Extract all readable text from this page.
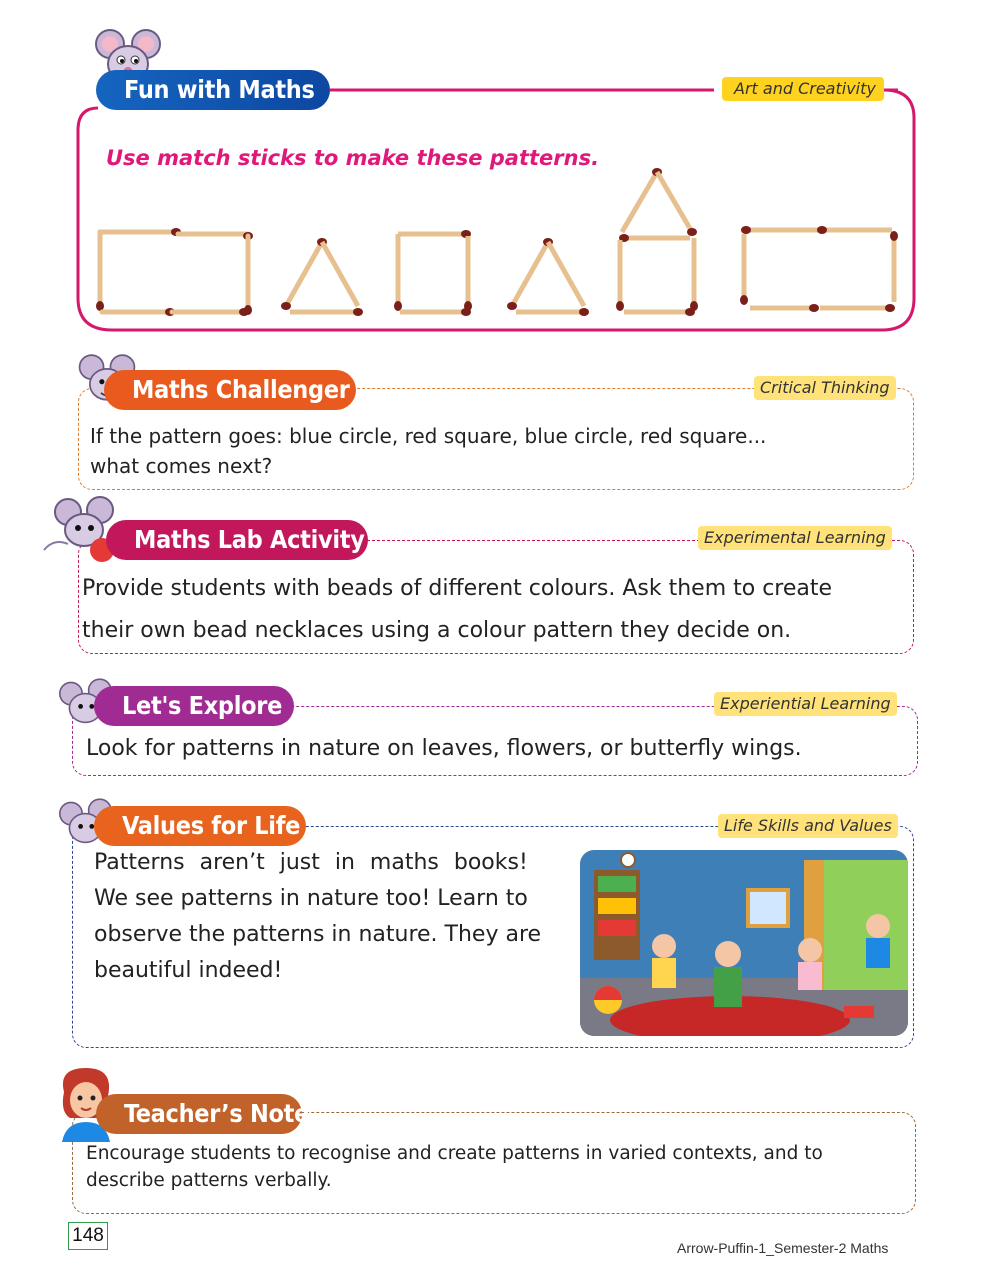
Fun with Maths	Art and Creativity
Use match sticks to make these patterns.
Maths Challenger	Critical Thinking
If the pattern goes: blue circle, red square, blue circle, red square...
what comes next?
Maths Lab Activity	Experimental Learning
Provide students with beads of different colours. Ask them to create
their own bead necklaces using a colour pattern they decide on.
Let's Explore	Experiential Learning
Look for patterns in nature on leaves, flowers, or butterfly wings.
Values for Life	Life Skills and Values
Patterns aren’t just in maths books!
We see patterns in nature too! Learn to
observe the patterns in nature. They are
beautiful indeed!
Teacher’s Note
Encourage students to recognise and create patterns in varied contexts, and to
describe patterns verbally.
148
Arrow-Puffin-1_Semester-2 Maths
